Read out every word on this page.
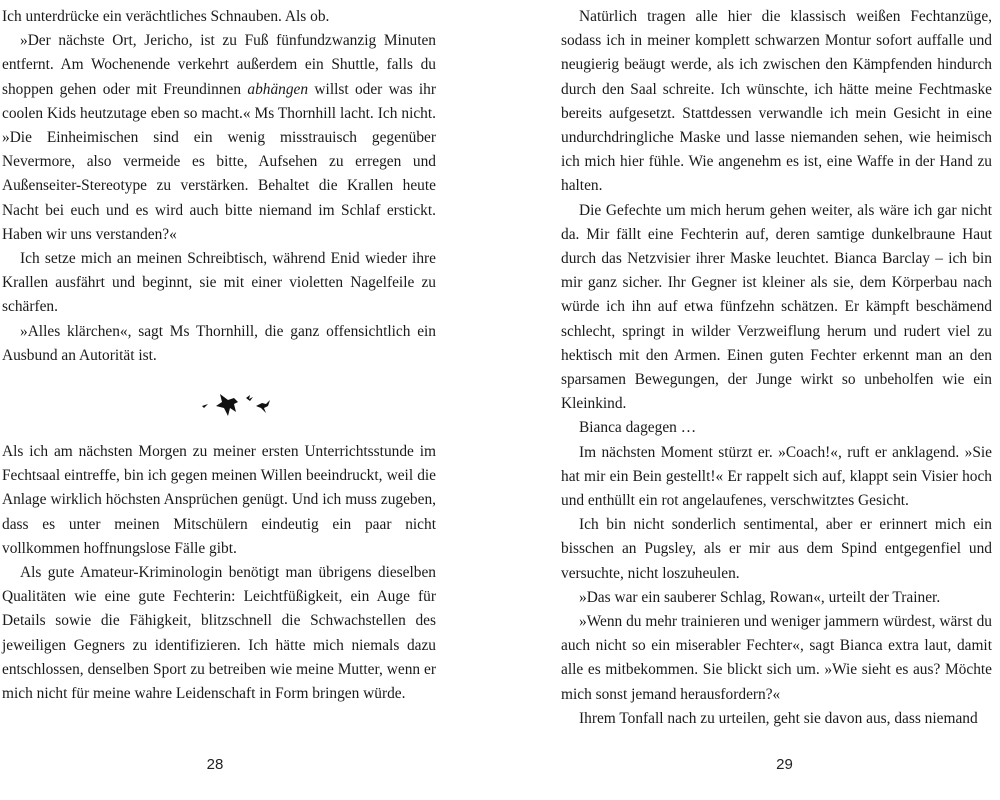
Ich unterdrücke ein verächtliches Schnauben. Als ob.

»Der nächste Ort, Jericho, ist zu Fuß fünfundzwanzig Minuten entfernt. Am Wochenende verkehrt außerdem ein Shuttle, falls du shoppen gehen oder mit Freundinnen abhängen willst oder was ihr coolen Kids heutzutage eben so macht.« Ms Thornhill lacht. Ich nicht. »Die Einheimischen sind ein wenig misstrauisch gegenüber Nevermore, also vermeide es bitte, Aufsehen zu erregen und Außenseiter-Stereotype zu verstärken. Behaltet die Krallen heute Nacht bei euch und es wird auch bitte niemand im Schlaf erstickt. Haben wir uns verstanden?«

Ich setze mich an meinen Schreibtisch, während Enid wieder ihre Krallen ausfährt und beginnt, sie mit einer violetten Nagelfeile zu schärfen.

»Alles klärchen«, sagt Ms Thornhill, die ganz offensichtlich ein Ausbund an Autorität ist.

Als ich am nächsten Morgen zu meiner ersten Unterrichtsstunde im Fechtsaal eintreffe, bin ich gegen meinen Willen beeindruckt, weil die Anlage wirklich höchsten Ansprüchen genügt. Und ich muss zugeben, dass es unter meinen Mitschülern eindeutig ein paar nicht vollkommen hoffnungslose Fälle gibt.

Als gute Amateur-Kriminologin benötigt man übrigens dieselben Qualitäten wie eine gute Fechterin: Leichtfüßigkeit, ein Auge für Details sowie die Fähigkeit, blitzschnell die Schwachstellen des jeweiligen Gegners zu identifizieren. Ich hätte mich niemals dazu entschlossen, denselben Sport zu betreiben wie meine Mutter, wenn er mich nicht für meine wahre Leidenschaft in Form bringen würde.

28

Natürlich tragen alle hier die klassisch weißen Fechtanzüge, sodass ich in meiner komplett schwarzen Montur sofort auffalle und neugierig beäugt werde, als ich zwischen den Kämpfenden hindurch durch den Saal schreite. Ich wünschte, ich hätte meine Fechtmaske bereits aufgesetzt. Stattdessen verwandle ich mein Gesicht in eine undurchdringliche Maske und lasse niemanden sehen, wie heimisch ich mich hier fühle. Wie angenehm es ist, eine Waffe in der Hand zu halten.

Die Gefechte um mich herum gehen weiter, als wäre ich gar nicht da. Mir fällt eine Fechterin auf, deren samtige dunkelbraune Haut durch das Netzvisier ihrer Maske leuchtet. Bianca Barclay – ich bin mir ganz sicher. Ihr Gegner ist kleiner als sie, dem Körperbau nach würde ich ihn auf etwa fünfzehn schätzen. Er kämpft beschämend schlecht, springt in wilder Verzweiflung herum und rudert viel zu hektisch mit den Armen. Einen guten Fechter erkennt man an den sparsamen Bewegungen, der Junge wirkt so unbeholfen wie ein Kleinkind.

Bianca dagegen …

Im nächsten Moment stürzt er. »Coach!«, ruft er anklagend. »Sie hat mir ein Bein gestellt!« Er rappelt sich auf, klappt sein Visier hoch und enthüllt ein rot angelaufenes, verschwitztes Gesicht.

Ich bin nicht sonderlich sentimental, aber er erinnert mich ein bisschen an Pugsley, als er mir aus dem Spind entgegenfiel und versuchte, nicht loszuheulen.

»Das war ein sauberer Schlag, Rowan«, urteilt der Trainer.

»Wenn du mehr trainieren und weniger jammern würdest, wärst du auch nicht so ein miserabler Fechter«, sagt Bianca extra laut, damit alle es mitbekommen. Sie blickt sich um. »Wie sieht es aus? Möchte mich sonst jemand herausfordern?«

Ihrem Tonfall nach zu urteilen, geht sie davon aus, dass niemand

29
